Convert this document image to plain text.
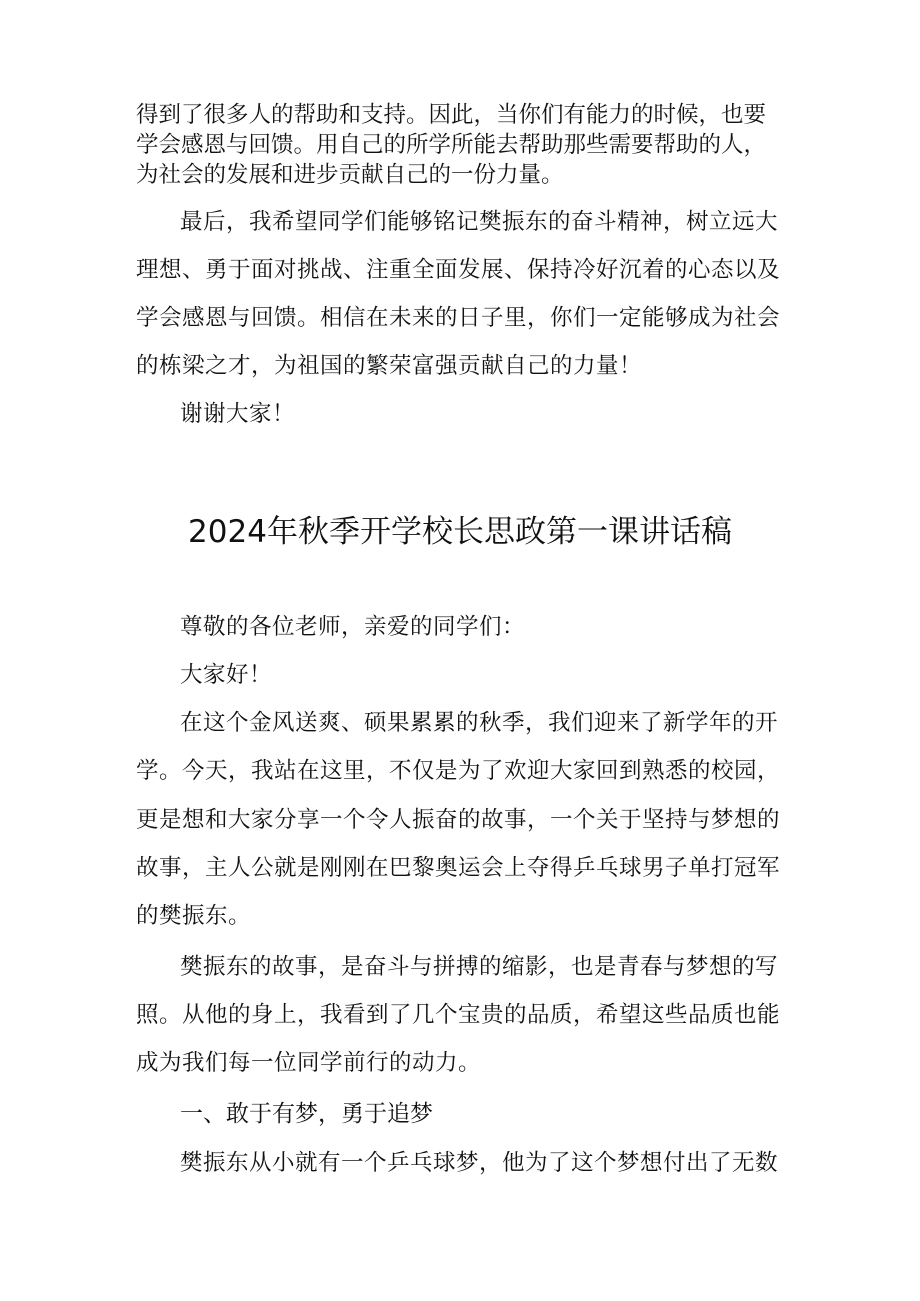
得到了很多人的帮助和支持。因此，当你们有能力的时候，也要
学会感恩与回馈。用自己的所学所能去帮助那些需要帮助的人，
为社会的发展和进步贡献自己的一份力量。
最后，我希望同学们能够铭记樊振东的奋斗精神，树立远大
理想、勇于面对挑战、注重全面发展、保持冷好沉着的心态以及
学会感恩与回馈。相信在未来的日子里，你们一定能够成为社会
的栋梁之才，为祖国的繁荣富强贡献自己的力量！
谢谢大家！
2024年秋季开学校长思政第一课讲话稿
尊敬的各位老师，亲爱的同学们：
大家好！
在这个金风送爽、硕果累累的秋季，我们迎来了新学年的开
学。今天，我站在这里，不仅是为了欢迎大家回到熟悉的校园，
更是想和大家分享一个令人振奋的故事，一个关于坚持与梦想的
故事，主人公就是刚刚在巴黎奥运会上夺得乒乓球男子单打冠军
的樊振东。
樊振东的故事，是奋斗与拼搏的缩影，也是青春与梦想的写
照。从他的身上，我看到了几个宝贵的品质，希望这些品质也能
成为我们每一位同学前行的动力。
一、敢于有梦，勇于追梦
樊振东从小就有一个乒乓球梦，他为了这个梦想付出了无数
